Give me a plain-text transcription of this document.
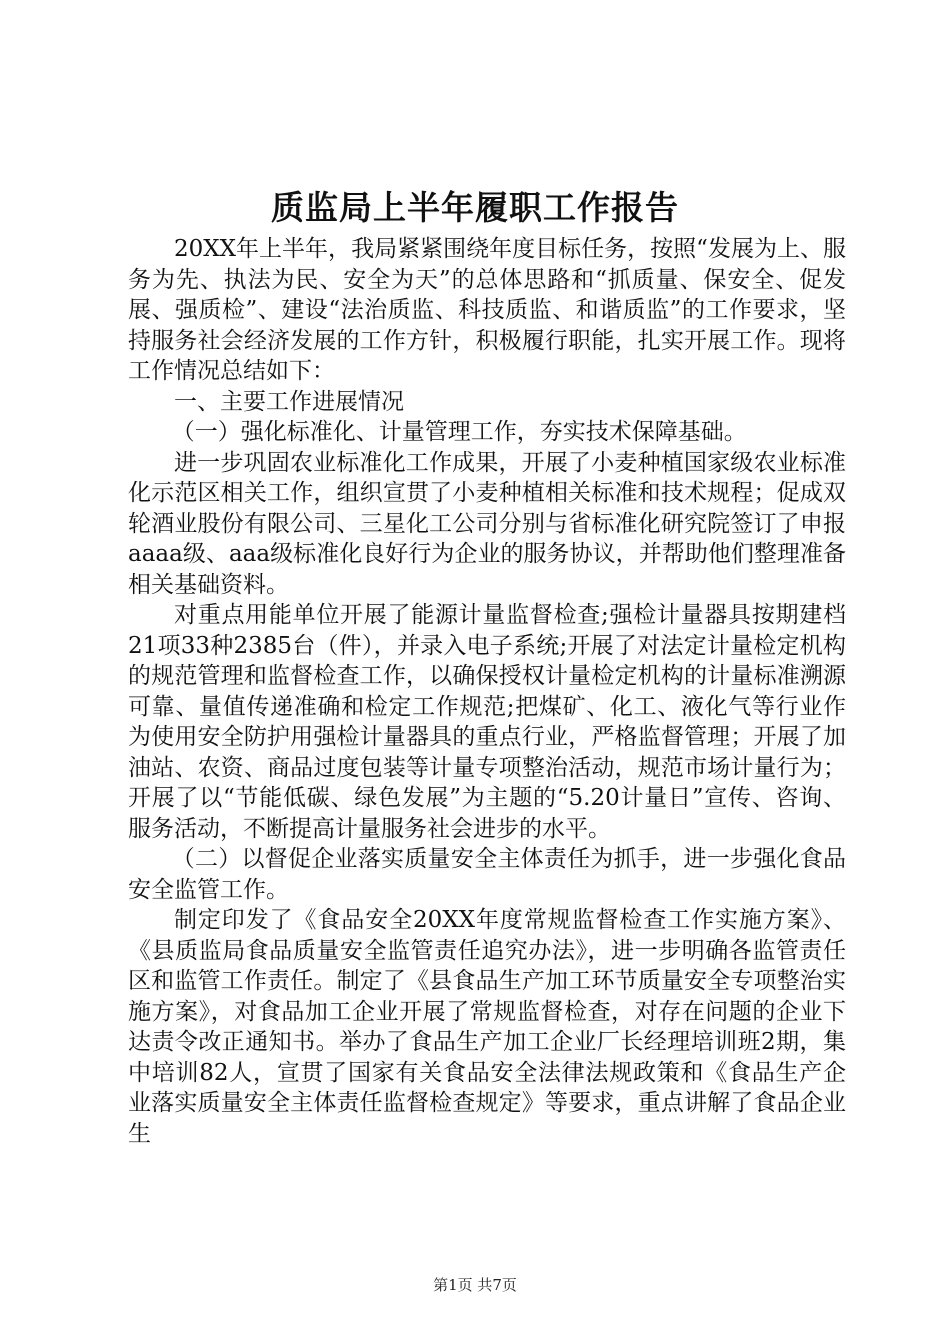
质监局上半年履职工作报告

20XX年上半年，我局紧紧围绕年度目标任务，按照“发展为上、服务为先、执法为民、安全为天”的总体思路和“抓质量、保安全、促发展、强质检”、建设“法治质监、科技质监、和谐质监”的工作要求，坚持服务社会经济发展的工作方针，积极履行职能，扎实开展工作。现将工作情况总结如下：

一、主要工作进展情况

（一）强化标准化、计量管理工作，夯实技术保障基础。

进一步巩固农业标准化工作成果，开展了小麦种植国家级农业标准化示范区相关工作，组织宣贯了小麦种植相关标准和技术规程；促成双轮酒业股份有限公司、三星化工公司分别与省标准化研究院签订了申报aaaa级、aaa级标准化良好行为企业的服务协议，并帮助他们整理准备相关基础资料。

对重点用能单位开展了能源计量监督检查;强检计量器具按期建档21项33种2385台（件），并录入电子系统;开展了对法定计量检定机构的规范管理和监督检查工作，以确保授权计量检定机构的计量标准溯源可靠、量值传递准确和检定工作规范;把煤矿、化工、液化气等行业作为使用安全防护用强检计量器具的重点行业，严格监督管理；开展了加油站、农资、商品过度包装等计量专项整治活动，规范市场计量行为；开展了以“节能低碳、绿色发展”为主题的“5.20计量日”宣传、咨询、服务活动，不断提高计量服务社会进步的水平。

（二）以督促企业落实质量安全主体责任为抓手，进一步强化食品安全监管工作。

制定印发了《食品安全20XX年度常规监督检查工作实施方案》、《县质监局食品质量安全监管责任追究办法》，进一步明确各监管责任区和监管工作责任。制定了《县食品生产加工环节质量安全专项整治实施方案》，对食品加工企业开展了常规监督检查，对存在问题的企业下达责令改正通知书。举办了食品生产加工企业厂长经理培训班2期，集中培训82人，宣贯了国家有关食品安全法律法规政策和《食品生产企业落实质量安全主体责任监督检查规定》等要求，重点讲解了食品企业生

第1页 共7页
